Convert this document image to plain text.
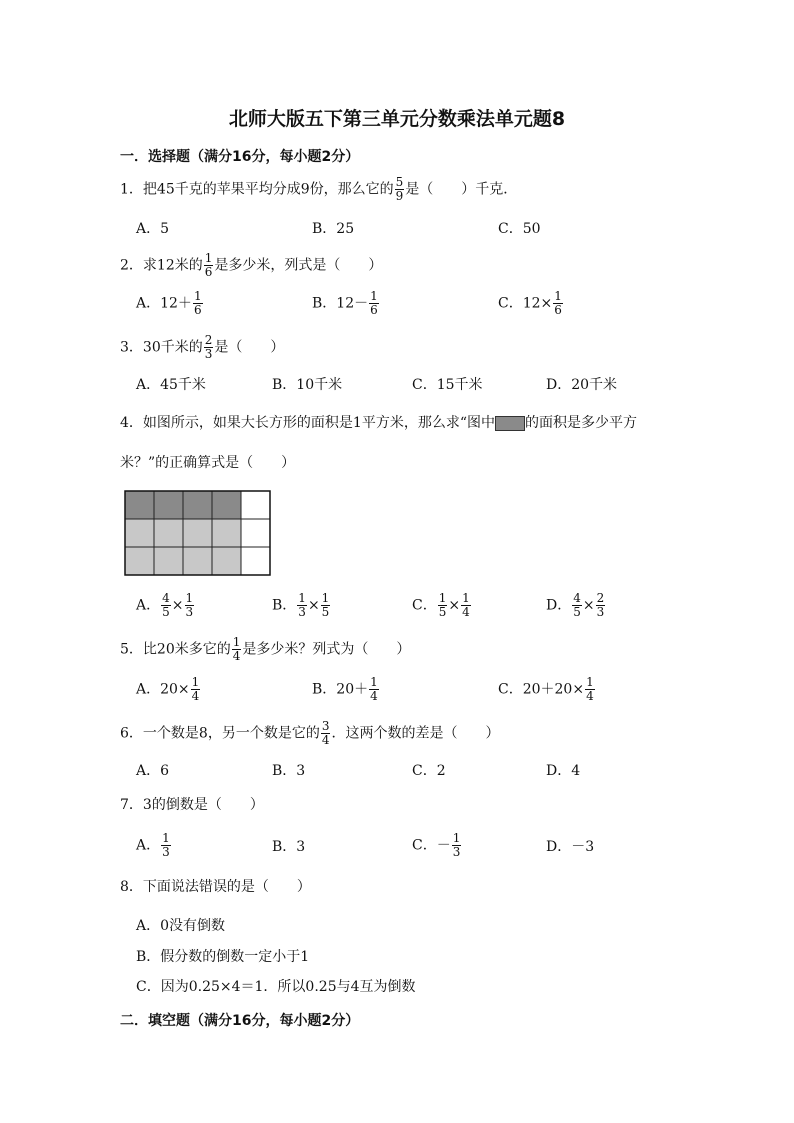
北师大版五下第三单元分数乘法单元题8
一．选择题（满分16分，每小题2分）
1．把45千克的苹果平均分成9份，那么它的 $\frac{5}{9}$ 是（　　）千克．
A．5	B．25	C．50
2．求12米的 $\frac{1}{6}$ 是多少米，列式是（　　）
A．$12+ \frac{1}{6}$	B．$12- \frac{1}{6}$	C．$12\times \frac{1}{6}$
3．30千米的 $\frac{2}{3}$ 是（　　）
A．45千米	B．10千米	C．15千米	D．20千米
4．如图所示，如果大长方形的面积是1平方米，那么求“图中 的面积是多少平方
米？”的正确算式是（　　）
A． $\frac{4}{5} \times \frac{1}{3}$	B． $\frac{1}{3} \times \frac{1}{5}$	C． $\frac{1}{5} \times \frac{1}{4}$	D． $\frac{4}{5} \times \frac{2}{3}$
5．比20米多它的 $\frac{1}{4}$ 是多少米？列式为（　　）
A．$20\times \frac{1}{4}$	B．$20+ \frac{1}{4}$	C．$20+20\times \frac{1}{4}$
6．一个数是8，另一个数是它的 $\frac{3}{4}$ ．这两个数的差是（　　）
A．6	B．3	C．2	D．4
7．3的倒数是（　　）
A． $\frac{1}{3}$	B．3	C．－ $\frac{1}{3}$	D．－3
8．下面说法错误的是（　　）
A．0没有倒数
B．假分数的倒数一定小于1
C．因为0.25×4＝1．所以0.25与4互为倒数
二．填空题（满分16分，每小题2分）
